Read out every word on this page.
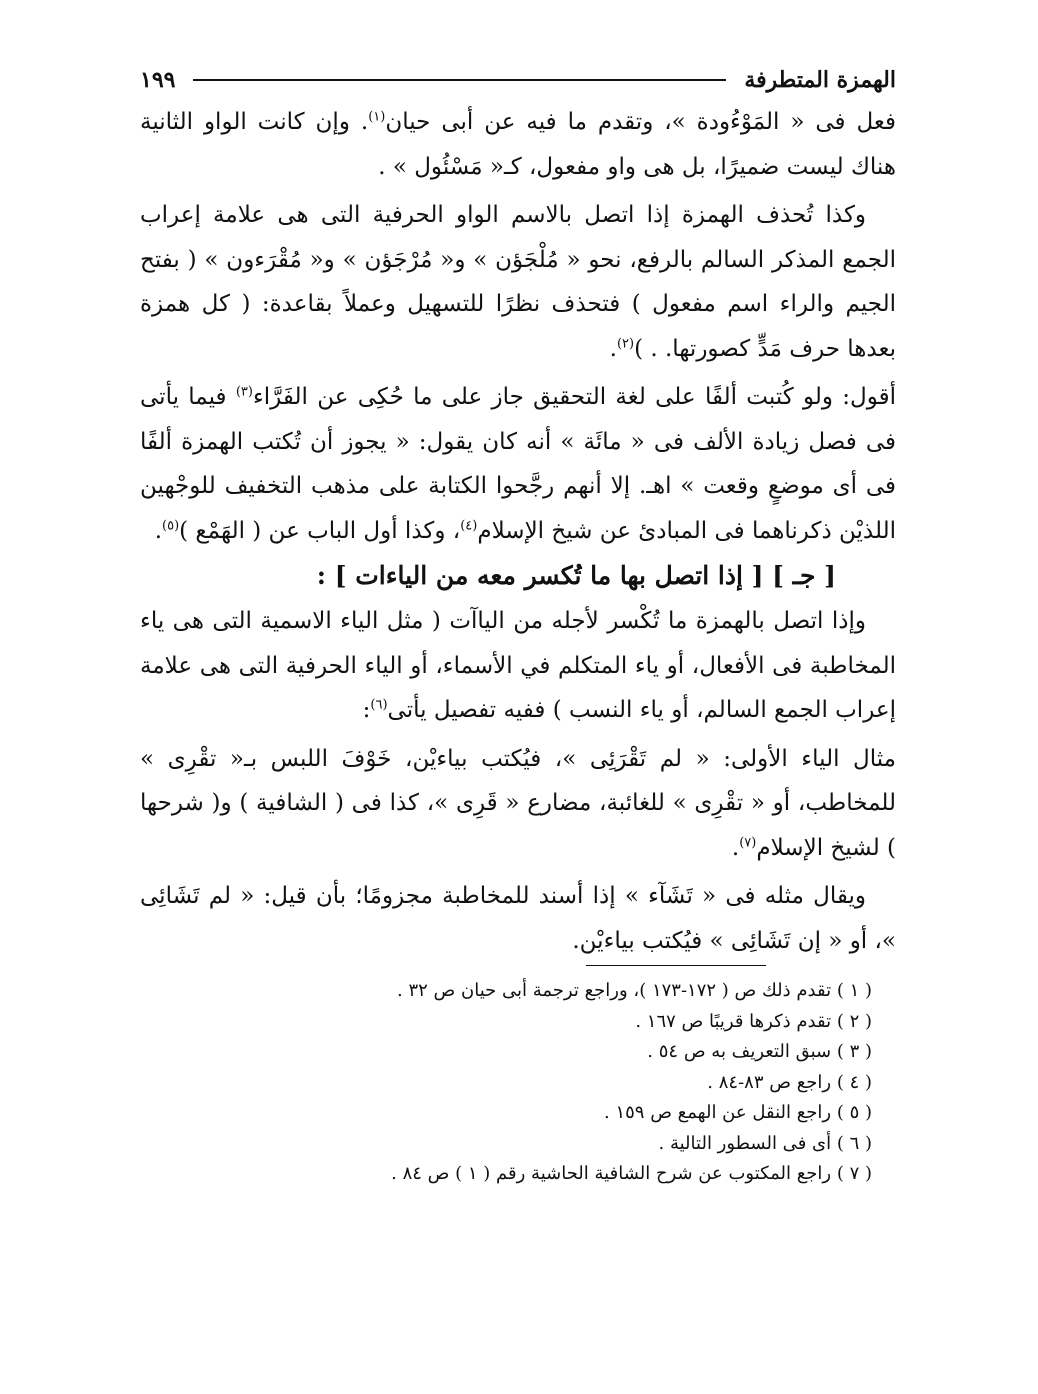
الهمزة المتطرفة
١٩٩

فعل فى « المَوْءُودة »، وتقدم ما فيه عن أبى حيان$^{(١)}$. وإن كانت الواو الثانية هناك ليست ضميرًا، بل هى واو مفعول، كـ« مَسْئُول » .

وكذا تُحذف الهمزة إذا اتصل بالاسم الواو الحرفية التى هى علامة إعراب الجمع المذكر السالم بالرفع، نحو « مُلْجَؤن » و« مُرْجَؤن » و« مُقْرَءون » ( بفتح الجيم والراء اسم مفعول ) فتحذف نظرًا للتسهيل وعملاً بقاعدة: ( كل همزة بعدها حرف مَدٍّ كصورتها. . )$^{(٢)}$.

أقول: ولو كُتبت ألفًا على لغة التحقيق جاز على ما حُكِى عن الفَرَّاء$^{(٣)}$ فيما يأتى فى فصل زيادة الألف فى « مائَة » أنه كان يقول: « يجوز أن تُكتب الهمزة ألفًا فى أى موضعٍ وقعت » اهـ. إلا أنهم رجَّحوا الكتابة على مذهب التخفيف للوجْهين اللذيْن ذكرناهما فى المبادئ عن شيخ الإسلام$^{(٤)}$، وكذا أول الباب عن ( الهَمْع )$^{(٥)}$.

[ جـ ] [ إذا اتصل بها ما تُكسر معه من الياءات ] :

وإذا اتصل بالهمزة ما تُكْسر لأجله من الياآت ( مثل الياء الاسمية التى هى ياء المخاطبة فى الأفعال، أو ياء المتكلم في الأسماء، أو الياء الحرفية التى هى علامة إعراب الجمع السالم، أو ياء النسب ) ففيه تفصيل يأتى$^{(٦)}$:

مثال الياء الأولى: « لم تَقْرَئِى »، فيُكتب بياءيْن، خَوْفَ اللبس بـ« تقْرِى » للمخاطب، أو « تقْرِى » للغائبة، مضارع « قَرِى »، كذا فى ( الشافية ) و( شرحها ) لشيخ الإسلام$^{(٧)}$.

ويقال مثله فى « تَشَآء » إذا أسند للمخاطبة مجزومًا؛ بأن قيل: « لم تَشَائِى »، أو « إن تَشَائِى » فيُكتب بياءيْن.

( ١ ) تقدم ذلك ص ( ١٧٢-١٧٣ )، وراجع ترجمة أبى حيان ص ٣٢ .
( ٢ ) تقدم ذكرها قريبًا ص ١٦٧ .
( ٣ ) سبق التعريف به ص ٥٤ .
( ٤ ) راجع ص ٨٣-٨٤ .
( ٥ ) راجع النقل عن الهمع ص ١٥٩ .
( ٦ ) أى فى السطور التالية .
( ٧ ) راجع المكتوب عن شرح الشافية الحاشية رقم ( ١ ) ص ٨٤ .
